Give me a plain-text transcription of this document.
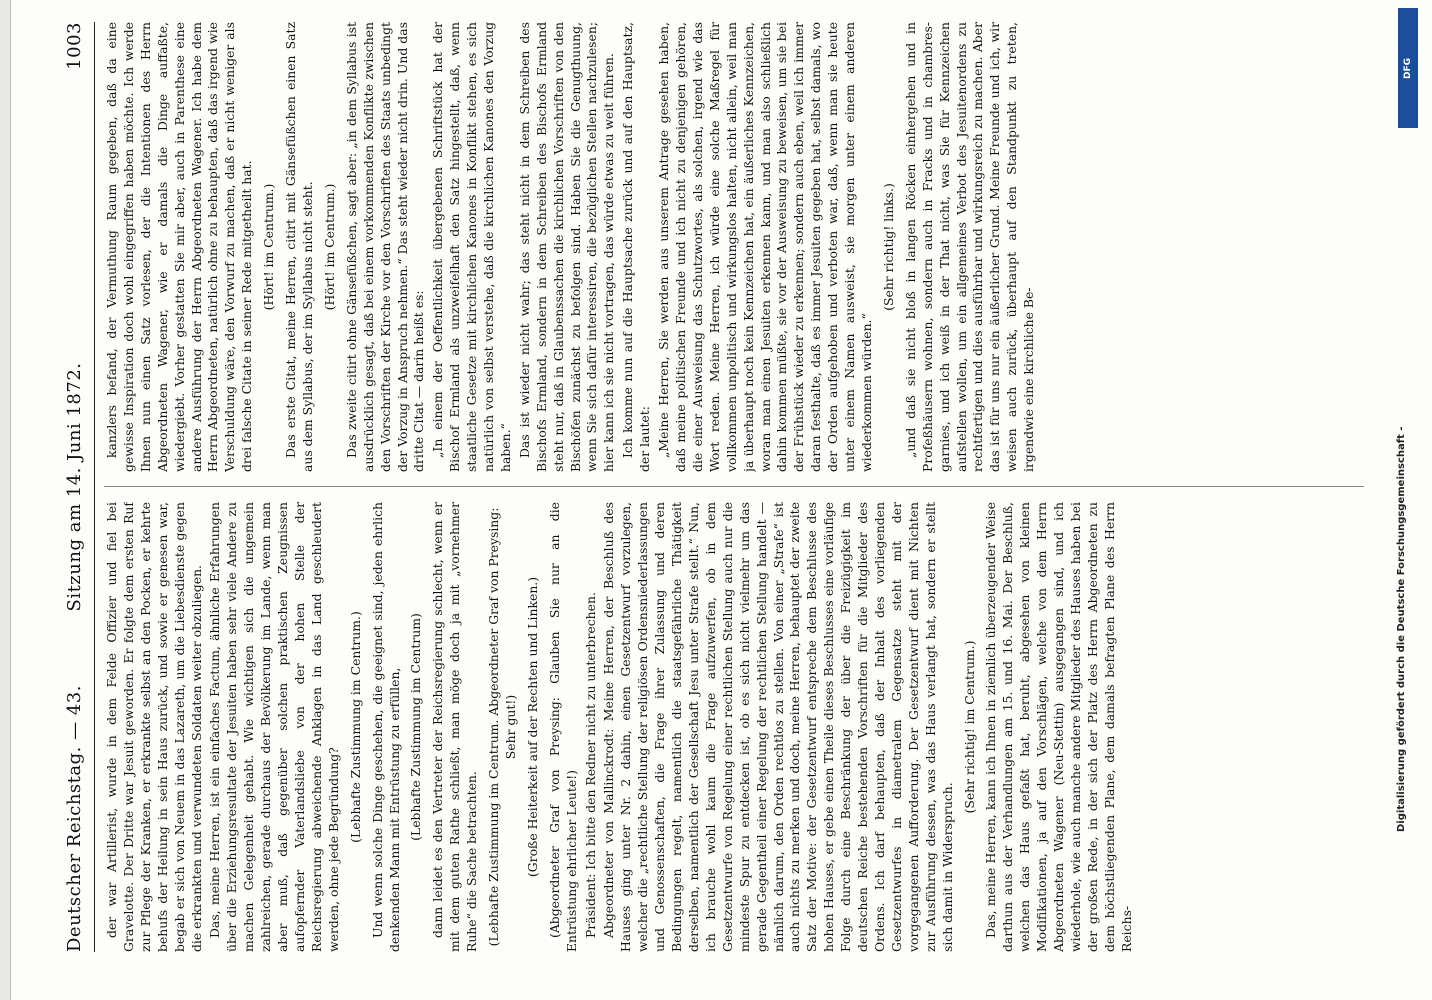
Deutscher Reichstag. — 43.
Sitzung am 14. Juni 1872.
1003

der war Artillerist, wurde in dem Felde Offizier und fiel bei Gravelotte. Der Dritte war Jesuit geworden. Er folgte dem ersten Ruf zur Pflege der Kranken, er erkrankte selbst an den Pocken, er kehrte behufs der Heilung in sein Haus zurück, und sowie er genesen war, begab er sich von Neuem in das Lazareth, um die Liebesdienste gegen die erkrankten und verwundeten Soldaten weiter obzuliegen. Das, meine Herren, ist ein einfaches Factum, ähnliche Erfahrungen über die Erziehungsresultate der Jesuiten haben sehr viele Andere zu machen Gelegenheit gehabt. Wie wichtigen sich die ungemein zahlreichen, gerade durchaus der Bevölkerung im Lande, wenn man aber muß, daß gegenüber solchen praktischen Zeugnissen aufopfernder Vaterlandsliebe von der hohen Stelle der Reichsregierung abweichende Anklagen in das Land geschleudert werden, ohne jede Begründung?

(Lebhafte Zustimmung im Centrum.) Und wenn solche Dinge geschehen, die geeignet sind, jeden ehrlich denkenden Mann mit Entrüstung zu erfüllen, (Lebhafte Zustimmung im Centrum) dann leidet es den Vertreter der Reichsregierung schlecht, wenn er mit dem guten Rathe schließt, man möge doch ja mit „vornehmer Ruhe“ die Sache betrachten. (Lebhafte Zustimmung im Centrum. Abgeordneter Graf von Preysing: Sehr gut!) (Große Heiterkeit auf der Rechten und Linken.) (Abgeordneter Graf von Preysing: Glauben Sie nur an die Entrüstung ehrlicher Leute!) Präsident: Ich bitte den Redner nicht zu unterbrechen. Abgeordneter von Mallinckrodt: Meine Herren, der Beschluß des Hauses ging unter Nr. 2 dahin, einen Gesetzentwurf vorzulegen, welcher die „rechtliche Stellung der religiösen Ordensniederlassungen und Genossenschaften, die Frage ihrer Zulassung und deren Bedingungen regelt, namentlich die staatsgefährliche Thätigkeit derselben, namentlich der Gesellschaft Jesu unter Strafe stellt.“ Nun, ich brauche wohl kaum die Frage aufzuwerfen, ob in dem Gesetzentwurfe von Regelung einer rechtlichen Stellung auch nur die mindeste Spur zu entdecken ist, ob es sich nicht vielmehr um das gerade Gegentheil einer Regelung der rechtlichen Stellung handelt — nämlich darum, den Orden rechtlos zu stellen. Von einer „Strafe“ ist auch nichts zu merken und doch, meine Herren, behauptet der zweite Satz der Motive: der Gesetzentwurf entspreche dem Beschlusse des hohen Hauses, er gebe einen Theile dieses Beschlusses eine vorläufige Folge durch eine Beschränkung der über die Freizügigkeit im deutschen Reiche bestehenden Vorschriften für die Mitglieder des Ordens. Ich darf behaupten, daß der Inhalt des vorliegenden Gesetzentwurfes in diametralem Gegensatze steht mit der vorgegangenen Aufforderung. Der Gesetzentwurf dient mit Nichten zur Ausführung dessen, was das Haus verlangt hat, sondern er stellt sich damit in Widerspruch.

(Sehr richtig! im Centrum.) Das, meine Herren, kann ich Ihnen in ziemlich überzeugender Weise darthun aus der Verhandlungen am 15. und 16. Mai. Der Beschluß, welchen das Haus gefaßt hat, beruht, abgesehen von kleinen Modifikationen, ja auf den Vorschlägen, welche von dem Herrn Abgeordneten Wagener (Neu-Stettin) ausgegangen sind, und ich wiederhole, wie auch manche andere Mitglieder des Hauses haben bei der großen Rede, in der sich der Platz des Herrn Abgeordneten zu dem höchstliegenden Plane, dem damals befragten Plane des Herrn Reichs-

kanzlers befand, der Vermuthung Raum gegeben, daß da eine gewisse Inspiration doch wohl eingegriffen haben möchte. Ich werde Ihnen nun einen Satz vorlesen, der die Intentionen des Herrn Abgeordneten Wagener, wie er damals die Dinge auffaßte, wiedergiebt. Vorher gestatten Sie mir aber, auch in Parenthese eine andere Ausführung der Herrn Abgeordneten Wagener. Ich habe dem Herrn Abgeordneten, natürlich ohne zu behaupten, daß das irgend wie Verschuldung wäre, den Vorwurf zu machen, daß er nicht weniger als drei falsche Citate in seiner Rede mitgetheilt hat. (Hört! im Centrum.) Das erste Citat, meine Herren, citirt mit Gänsefüßchen einen Satz aus dem Syllabus, der im Syllabus nicht steht. (Hört! im Centrum.) Das zweite citirt ohne Gänsefüßchen, sagt aber: „in dem Syllabus ist ausdrücklich gesagt, daß bei einem vorkommenden Konflikte zwischen den Vorschriften der Kirche vor den Vorschriften des Staats unbedingt der Vorzug in Anspruch nehmen.“ Das steht wieder nicht drin. Und das dritte Citat — darin heißt es: „In einem der Oeffentlichkeit übergebenen Schriftstück hat der Bischof Ermland als unzweifelhaft den Satz hingestellt, daß, wenn staatliche Gesetze mit kirchlichen Kanones in Konflikt stehen, es sich natürlich von selbst verstehe, daß die kirchlichen Kanones den Vorzug haben.“ Das ist wieder nicht wahr; das steht nicht in dem Schreiben des Bischofs Ermland, sondern in dem Schreiben des Bischofs Ermland steht nur, daß in Glaubenssachen die kirchlichen Vorschriften von den Bischöfen zunächst zu befolgen sind. Haben Sie die Genugthuung, wenn Sie sich dafür interessiren, die bezüglichen Stellen nachzulesen; hier kann ich sie nicht vortragen, das würde etwas zu weit führen. Ich komme nun auf die Hauptsache zurück und auf den Hauptsatz, der lautet: „Meine Herren, Sie werden aus unserem Antrage gesehen haben, daß meine politischen Freunde und ich nicht zu denjenigen gehören, die einer Ausweisung das Schutzwortes, als solchen, irgend wie das Wort reden. Meine Herren, ich würde eine solche Maßregel für vollkommen unpolitisch und wirkungslos halten, nicht allein, weil man ja überhaupt noch kein Kennzeichen hat, ein äußerliches Kennzeichen, woran man einen Jesuiten erkennen kann, und man also schließlich dahin kommen müßte, sie vor der Ausweisung zu beweisen, um sie bei der Frühstück wieder zu erkennen; sondern auch eben, weil ich immer daran festhalte, daß es immer Jesuiten gegeben hat, selbst damals, wo der Orden aufgehoben und verboten war, daß, wenn man sie heute unter einem Namen ausweist, sie morgen unter einem anderen wiederkommen würden.“

(Sehr richtig! links.) „und daß sie nicht bloß in langen Röcken einhergehen und in Profeßhäusern wohnen, sondern auch in Fracks und in chambres-garnies, und ich weiß in der That nicht, was Sie für Kennzeichen aufstellen wollen, um ein allgemeines Verbot des Jesuitenordens zu rechtfertigen und dies ausführbar und wirkungsreich zu machen. Aber das ist für uns nur ein äußerlicher Grund. Meine Freunde und ich, wir weisen auch zurück, überhaupt auf den Standpunkt zu treten, irgendwie eine kirchliche Be-

DFG
Digitalisierung gefördert durch die Deutsche Forschungsgemeinschaft -
